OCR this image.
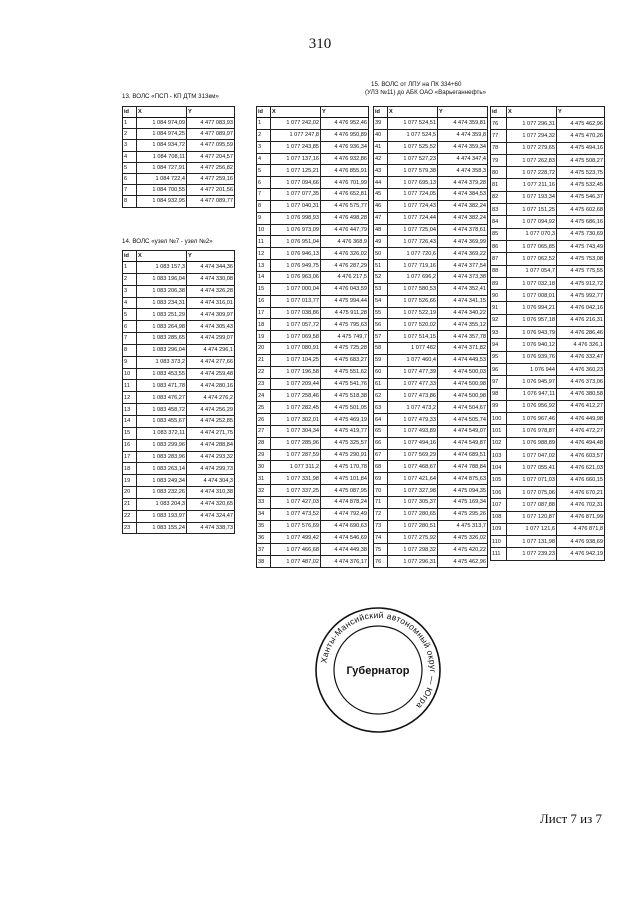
310
13. ВОЛС «ПСП - КП ДТМ 313км»
id	X	Y
1	1 084 974,09	4 477 083,93
2	1 084 974,25	4 477 089,97
3	1 084 934,72	4 477 095,59
4	1 084 708,11	4 477 204,57
5	1 084 727,91	4 477 256,82
6	1 084 722,4	4 477 259,16
7	1 084 700,55	4 477 201,56
8	1 084 932,95	4 477 089,77
14. ВОЛС «узел №7 - узел №2»
id	X	Y
1	1 083 157,3	4 474 344,36
2	1 083 196,04	4 474 330,08
3	1 083 206,38	4 474 326,28
4	1 083 234,31	4 474 316,01
5	1 083 251,29	4 474 309,97
6	1 083 264,98	4 474 305,43
7	1 083 285,65	4 474 299,07
8	1 083 296,04	4 474 296,1
9	1 083 373,2	4 474 277,66
10	1 083 453,55	4 474 259,48
11	1 083 471,78	4 474 280,16
12	1 083 476,27	4 474 276,2
13	1 083 458,72	4 474 256,29
14	1 083 455,67	4 474 252,85
15	1 083 372,11	4 474 271,75
16	1 083 299,96	4 474 288,84
17	1 083 283,96	4 474 293,32
18	1 083 263,14	4 474 299,73
19	1 083 249,34	4 474 304,3
20	1 083 232,26	4 474 310,38
21	1 083 204,3	4 474 320,65
22	1 083 193,97	4 474 324,47
23	1 083 155,24	4 474 338,73
15. ВОЛС от ЛПУ на ПК 334+60
(УЛЗ №11) до АБК ОАО «Варьеганнефть»
id	X	Y
1	1 077 242,02	4 476 952,46
2	1 077 247,8	4 476 950,89
3	1 077 243,85	4 476 936,34
4	1 077 137,16	4 476 932,86
5	1 077 125,21	4 476 855,91
6	1 077 094,66	4 476 701,99
7	1 077 077,35	4 476 652,81
8	1 077 040,31	4 476 575,77
9	1 076 998,93	4 476 498,28
10	1 076 973,09	4 476 447,79
11	1 076 951,04	4 476 368,9
12	1 076 946,13	4 476 326,02
13	1 076 949,75	4 476 287,29
14	1 076 963,06	4 476 217,5
15	1 077 000,04	4 476 043,59
16	1 077 013,77	4 475 994,44
17	1 077 038,86	4 475 911,28
18	1 077 057,72	4 475 795,63
19	1 077 069,58	4 475 749,7
20	1 077 080,91	4 475 725,28
21	1 077 104,25	4 475 683,27
22	1 077 196,58	4 475 551,62
23	1 077 209,44	4 475 541,76
24	1 077 258,46	4 475 518,38
25	1 077 282,45	4 475 501,05
26	1 077 302,01	4 475 469,19
27	1 077 304,34	4 475 419,77
28	1 077 285,96	4 475 325,57
29	1 077 287,59	4 475 290,91
30	1 077 311,2	4 475 170,78
31	1 077 331,98	4 475 101,84
32	1 077 337,25	4 475 087,95
33	1 077 427,03	4 474 878,24
34	1 077 473,52	4 474 792,49
35	1 077 576,69	4 474 690,63
36	1 077 499,42	4 474 546,69
37	1 077 466,68	4 474 449,38
38	1 077 487,02	4 474 376,17
id	X	Y
39	1 077 524,51	4 474 359,81
40	1 077 524,5	4 474 359,8
41	1 077 525,52	4 474 359,34
42	1 077 527,23	4 474 347,4
43	1 077 579,38	4 474 358,3
44	1 077 695,13	4 474 379,28
45	1 077 724,05	4 474 384,53
46	1 077 724,43	4 474 382,24
47	1 077 724,44	4 474 382,24
48	1 077 725,04	4 474 378,61
49	1 077 726,43	4 474 369,99
50	1 077 720,6	4 474 369,22
51	1 077 719,16	4 474 377,54
52	1 077 696,2	4 474 373,38
53	1 077 580,53	4 474 352,41
54	1 077 526,66	4 474 341,15
55	1 077 522,19	4 474 340,22
56	1 077 520,02	4 474 355,12
57	1 077 514,15	4 474 357,78
58	1 077 482	4 474 371,82
59	1 077 460,4	4 474 449,53
60	1 077 477,39	4 474 500,03
61	1 077 477,33	4 474 500,98
62	1 077 473,86	4 474 500,98
63	1 077 473,2	4 474 504,67
64	1 077 479,33	4 474 505,74
65	1 077 493,89	4 474 549,07
66	1 077 494,16	4 474 549,87
67	1 077 569,29	4 474 689,51
68	1 077 468,67	4 474 788,84
69	1 077 421,64	4 474 875,63
70	1 077 327,98	4 475 094,35
71	1 077 305,37	4 475 169,34
72	1 077 280,65	4 475 295,26
73	1 077 280,51	4 475 313,7
74	1 077 275,92	4 475 326,02
75	1 077 298,32	4 475 420,22
76	1 077 296,31	4 475 462,96
id	X	Y
76	1 077 296,31	4 475 462,96
77	1 077 294,32	4 475 470,26
78	1 077 279,65	4 475 494,16
79	1 077 262,83	4 475 508,27
80	1 077 228,72	4 475 523,75
81	1 077 211,16	4 475 532,45
82	1 077 193,34	4 475 546,37
83	1 077 151,25	4 475 602,68
84	1 077 094,92	4 475 686,16
85	1 077 070,3	4 475 730,69
86	1 077 065,85	4 475 743,49
87	1 077 062,52	4 475 753,08
88	1 077 054,7	4 475 775,55
89	1 077 032,18	4 475 912,72
90	1 077 008,01	4 475 992,77
91	1 076 994,21	4 476 042,16
92	1 076 957,18	4 476 216,31
93	1 076 943,79	4 476 286,46
94	1 076 940,12	4 476 326,1
95	1 076 939,76	4 476 332,47
96	1 076 944	4 476 360,23
97	1 076 945,97	4 476 373,06
98	1 076 947,11	4 476 380,58
99	1 076 956,92	4 476 412,27
100	1 076 967,46	4 476 449,98
101	1 076 978,87	4 476 472,27
102	1 076 988,89	4 476 494,48
103	1 077 047,02	4 476 603,57
104	1 077 055,41	4 476 621,03
105	1 077 071,03	4 476 660,15
106	1 077 075,06	4 476 670,21
107	1 077 087,88	4 476 702,31
108	1 077 120,87	4 476 871,99
109	1 077 121,6	4 476 871,8
110	1 077 131,98	4 476 938,69
111	1 077 239,23	4 476 942,19
Ханты-Мансийский автономный округ — Югра
Губернатор
Лист 7 из 7
